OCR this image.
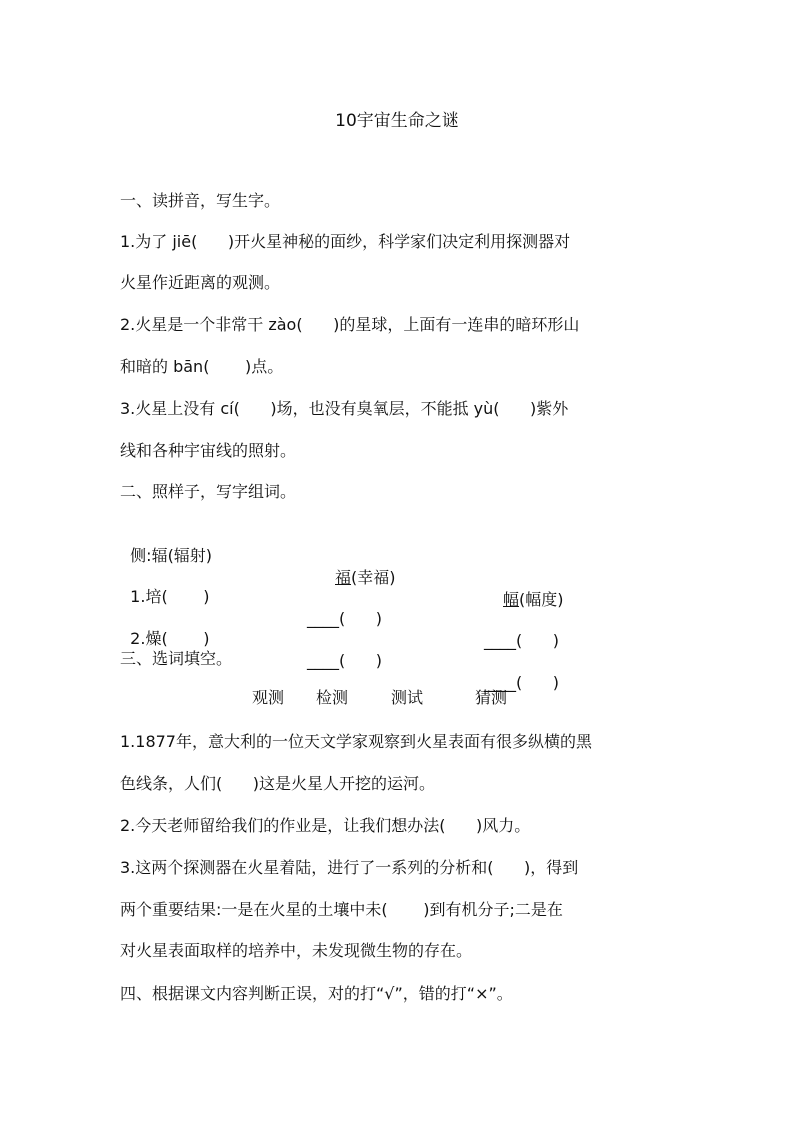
10宇宙生命之谜
一、读拼音，写生字。
1.为了 jiē(      )开火星神秘的面纱，科学家们决定利用探测器对
火星作近距离的观测。
2.火星是一个非常干 zào(      )的星球，上面有一连串的暗环形山
和暗的 bān(       )点。
3.火星上没有 cí(      )场，也没有臭氧层，不能抵 yù(      )紫外
线和各种宇宙线的照射。
二、照样子，写字组词。

侧:辐(辐射)

福(幸福)

幅(幅度)

1.培(       )

____(      )

____(      )

2.燥(       )

____(      )

____(      )

三、选词填空。
观测 检测	测试	猜测
1.1877年，意大利的一位天文学家观察到火星表面有很多纵横的黑
色线条，人们(      )这是火星人开挖的运河。
2.今天老师留给我们的作业是，让我们想办法(      )风力。
3.这两个探测器在火星着陆，进行了一系列的分析和(      )，得到
两个重要结果:一是在火星的土壤中未(       )到有机分子;二是在
对火星表面取样的培养中，未发现微生物的存在。
四、根据课文内容判断正误，对的打“√”，错的打“×”。
